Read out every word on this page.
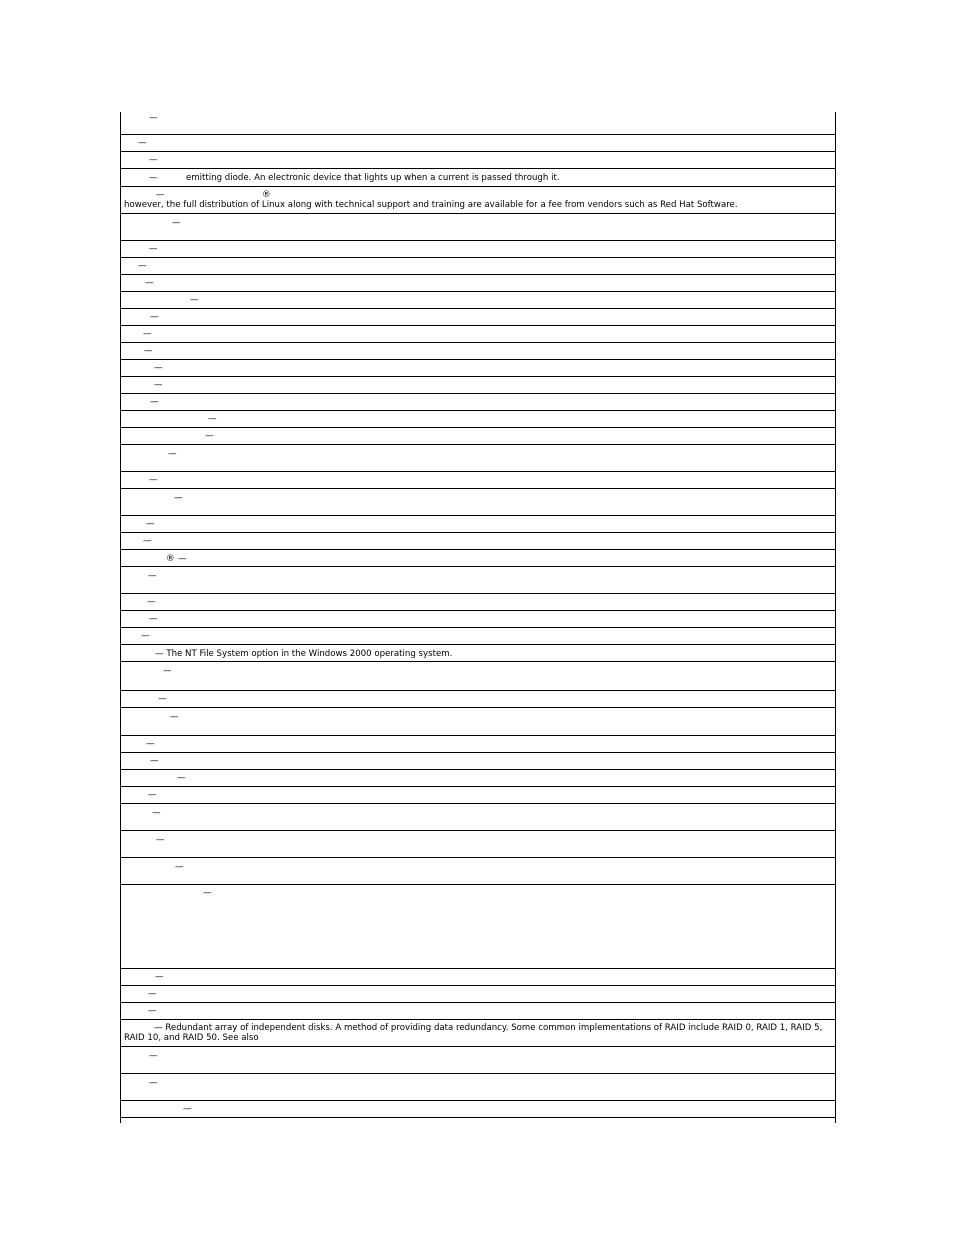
—
—
—
—	emitting diode. An electronic device that lights up when a current is passed through it.
—	®
however, the full distribution of Linux along with technical support and training are available for a fee from vendors such as Red Hat Software.
—
—
—
—
—
—
—
—
—
—
—
—
—
—
—
—
—
—
® —
—
—
—
—
— The NT File System option in the Windows 2000 operating system.
—
—
—
—
—
—
—
—
—
—
—
—
—
—
— Redundant array of independent disks. A method of providing data redundancy. Some common implementations of RAID include RAID 0, RAID 1, RAID 5, RAID 10, and RAID 50. See also
—
—
—
